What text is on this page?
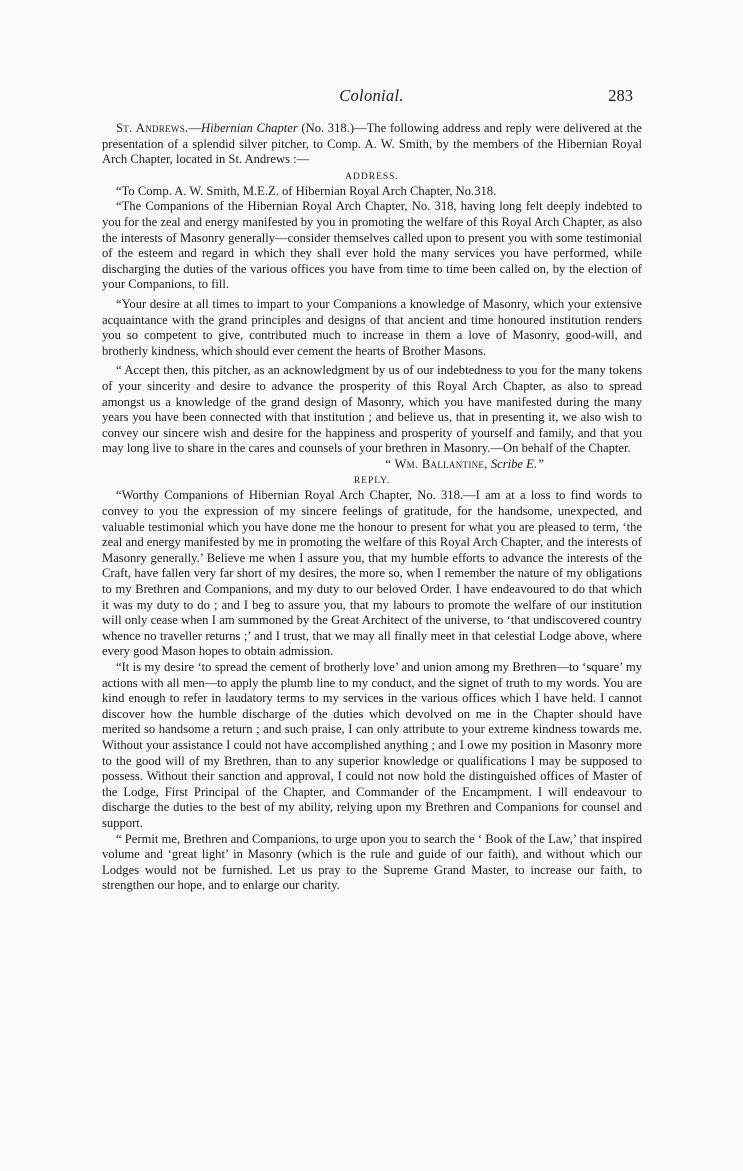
Colonial.	283

St. Andrews.—Hibernian Chapter (No. 318.)—The following address and reply were delivered at the presentation of a splendid silver pitcher, to Comp. A. W. Smith, by the members of the Hibernian Royal Arch Chapter, located in St. Andrews :—

ADDRESS.

“To Comp. A. W. Smith, M.E.Z. of Hibernian Royal Arch Chapter, No.318.

“The Companions of the Hibernian Royal Arch Chapter, No. 318, having long felt deeply indebted to you for the zeal and energy manifested by you in promoting the welfare of this Royal Arch Chapter, as also the interests of Masonry generally—consider themselves called upon to present you with some testimonial of the esteem and regard in which they shall ever hold the many services you have performed, while discharging the duties of the various offices you have from time to time been called on, by the election of your Companions, to fill.

“Your desire at all times to impart to your Companions a knowledge of Masonry, which your extensive acquaintance with the grand principles and designs of that ancient and time honoured institution renders you so competent to give, contributed much to increase in them a love of Masonry, good-will, and brotherly kindness, which should ever cement the hearts of Brother Masons.

“ Accept then, this pitcher, as an acknowledgment by us of our indebtedness to you for the many tokens of your sincerity and desire to advance the prosperity of this Royal Arch Chapter, as also to spread amongst us a knowledge of the grand design of Masonry, which you have manifested during the many years you have been connected with that institution ; and believe us, that in presenting it, we also wish to convey our sincere wish and desire for the happiness and prosperity of yourself and family, and that you may long live to share in the cares and counsels of your brethren in Masonry.—On behalf of the Chapter.

“ Wm. Ballantine, Scribe E.”

REPLY.

“Worthy Companions of Hibernian Royal Arch Chapter, No. 318.—I am at a loss to find words to convey to you the expression of my sincere feelings of gratitude, for the handsome, unexpected, and valuable testimonial which you have done me the honour to present for what you are pleased to term, ‘the zeal and energy manifested by me in promoting the welfare of this Royal Arch Chapter, and the interests of Masonry generally.’ Believe me when I assure you, that my humble efforts to advance the interests of the Craft, have fallen very far short of my desires, the more so, when I remember the nature of my obligations to my Brethren and Companions, and my duty to our beloved Order. I have endeavoured to do that which it was my duty to do ; and I beg to assure you, that my labours to promote the welfare of our institution will only cease when I am summoned by the Great Architect of the universe, to ‘that undiscovered country whence no traveller returns ;’ and I trust, that we may all finally meet in that celestial Lodge above, where every good Mason hopes to obtain admission.

“It is my desire ‘to spread the cement of brotherly love’ and union among my Brethren—to ‘square’ my actions with all men—to apply the plumb line to my conduct, and the signet of truth to my words. You are kind enough to refer in laudatory terms to my services in the various offices which I have held. I cannot discover how the humble discharge of the duties which devolved on me in the Chapter should have merited so handsome a return ; and such praise, I can only attribute to your extreme kindness towards me. Without your assistance I could not have accomplished anything ; and I owe my position in Masonry more to the good will of my Brethren, than to any superior knowledge or qualifications I may be supposed to possess. Without their sanction and approval, I could not now hold the distinguished offices of Master of the Lodge, First Principal of the Chapter, and Commander of the Encampment. I will endeavour to discharge the duties to the best of my ability, relying upon my Brethren and Companions for counsel and support.

“ Permit me, Brethren and Companions, to urge upon you to search the ‘ Book of the Law,’ that inspired volume and ‘great light’ in Masonry (which is the rule and guide of our faith), and without which our Lodges would not be furnished. Let us pray to the Supreme Grand Master, to increase our faith, to strengthen our hope, and to enlarge our charity.
